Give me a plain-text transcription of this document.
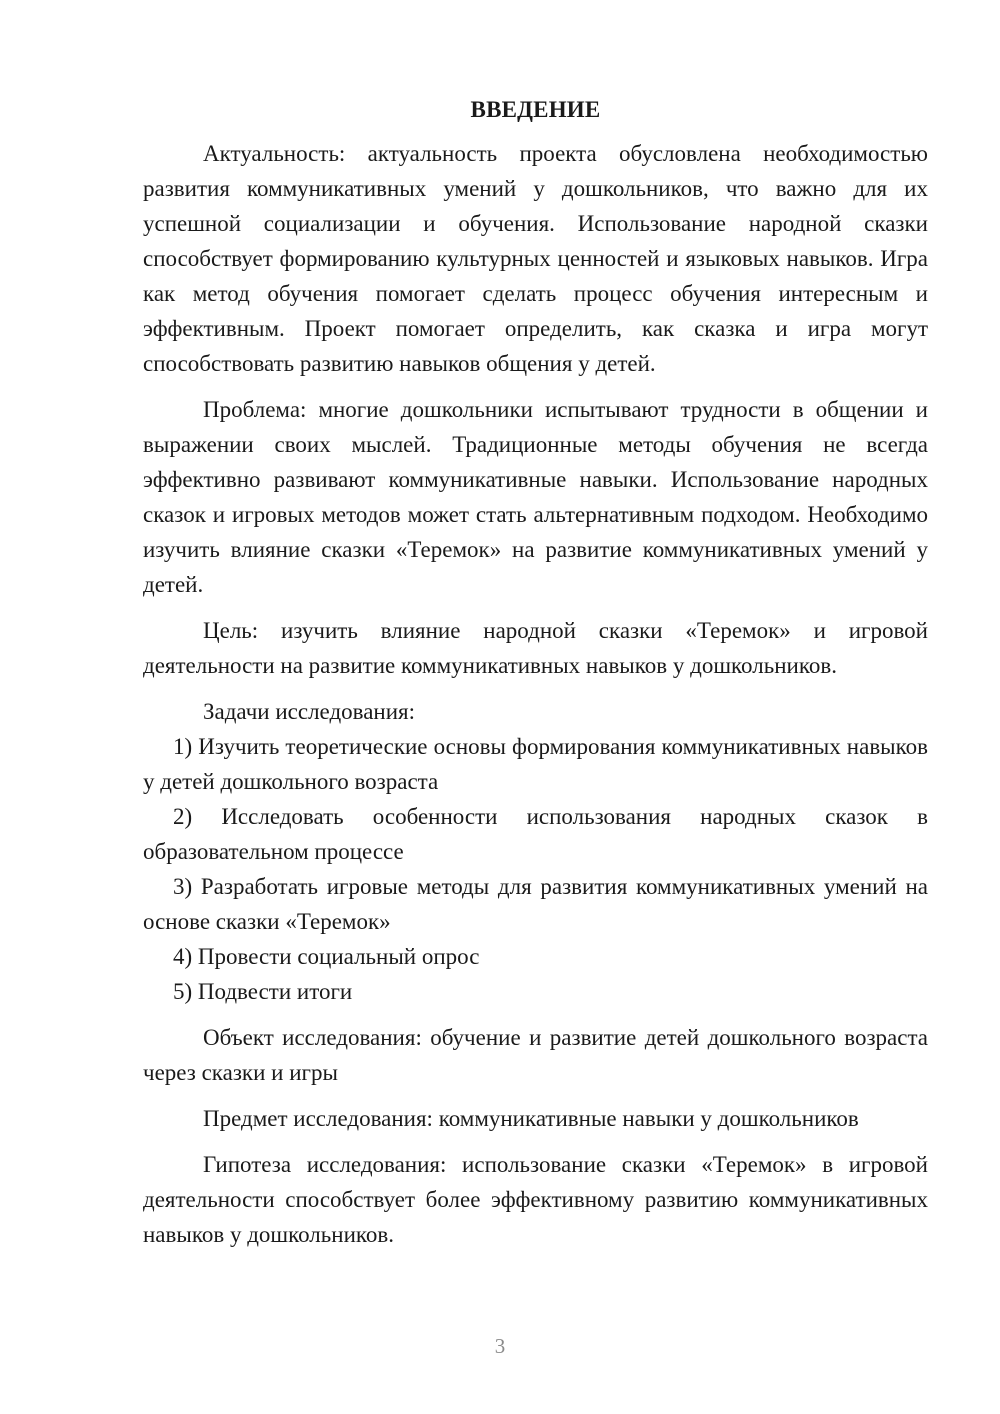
ВВЕДЕНИЕ

Актуальность: актуальность проекта обусловлена необходимостью развития коммуникативных умений у дошкольников, что важно для их успешной социализации и обучения. Использование народной сказки способствует формированию культурных ценностей и языковых навыков. Игра как метод обучения помогает сделать процесс обучения интересным и эффективным. Проект помогает определить, как сказка и игра могут способствовать развитию навыков общения у детей.

Проблема: многие дошкольники испытывают трудности в общении и выражении своих мыслей. Традиционные методы обучения не всегда эффективно развивают коммуникативные навыки. Использование народных сказок и игровых методов может стать альтернативным подходом. Необходимо изучить влияние сказки «Теремок» на развитие коммуникативных умений у детей.

Цель: изучить влияние народной сказки «Теремок» и игровой деятельности на развитие коммуникативных навыков у дошкольников.

Задачи исследования:

1) Изучить теоретические основы формирования коммуникативных навыков у детей дошкольного возраста

2) Исследовать особенности использования народных сказок в образовательном процессе

3) Разработать игровые методы для развития коммуникативных умений на основе сказки «Теремок»

4) Провести социальный опрос

5) Подвести итоги

Объект исследования: обучение и развитие детей дошкольного возраста через сказки и игры

Предмет исследования: коммуникативные навыки у дошкольников

Гипотеза исследования: использование сказки «Теремок» в игровой деятельности способствует более эффективному развитию коммуникативных навыков у дошкольников.

3
